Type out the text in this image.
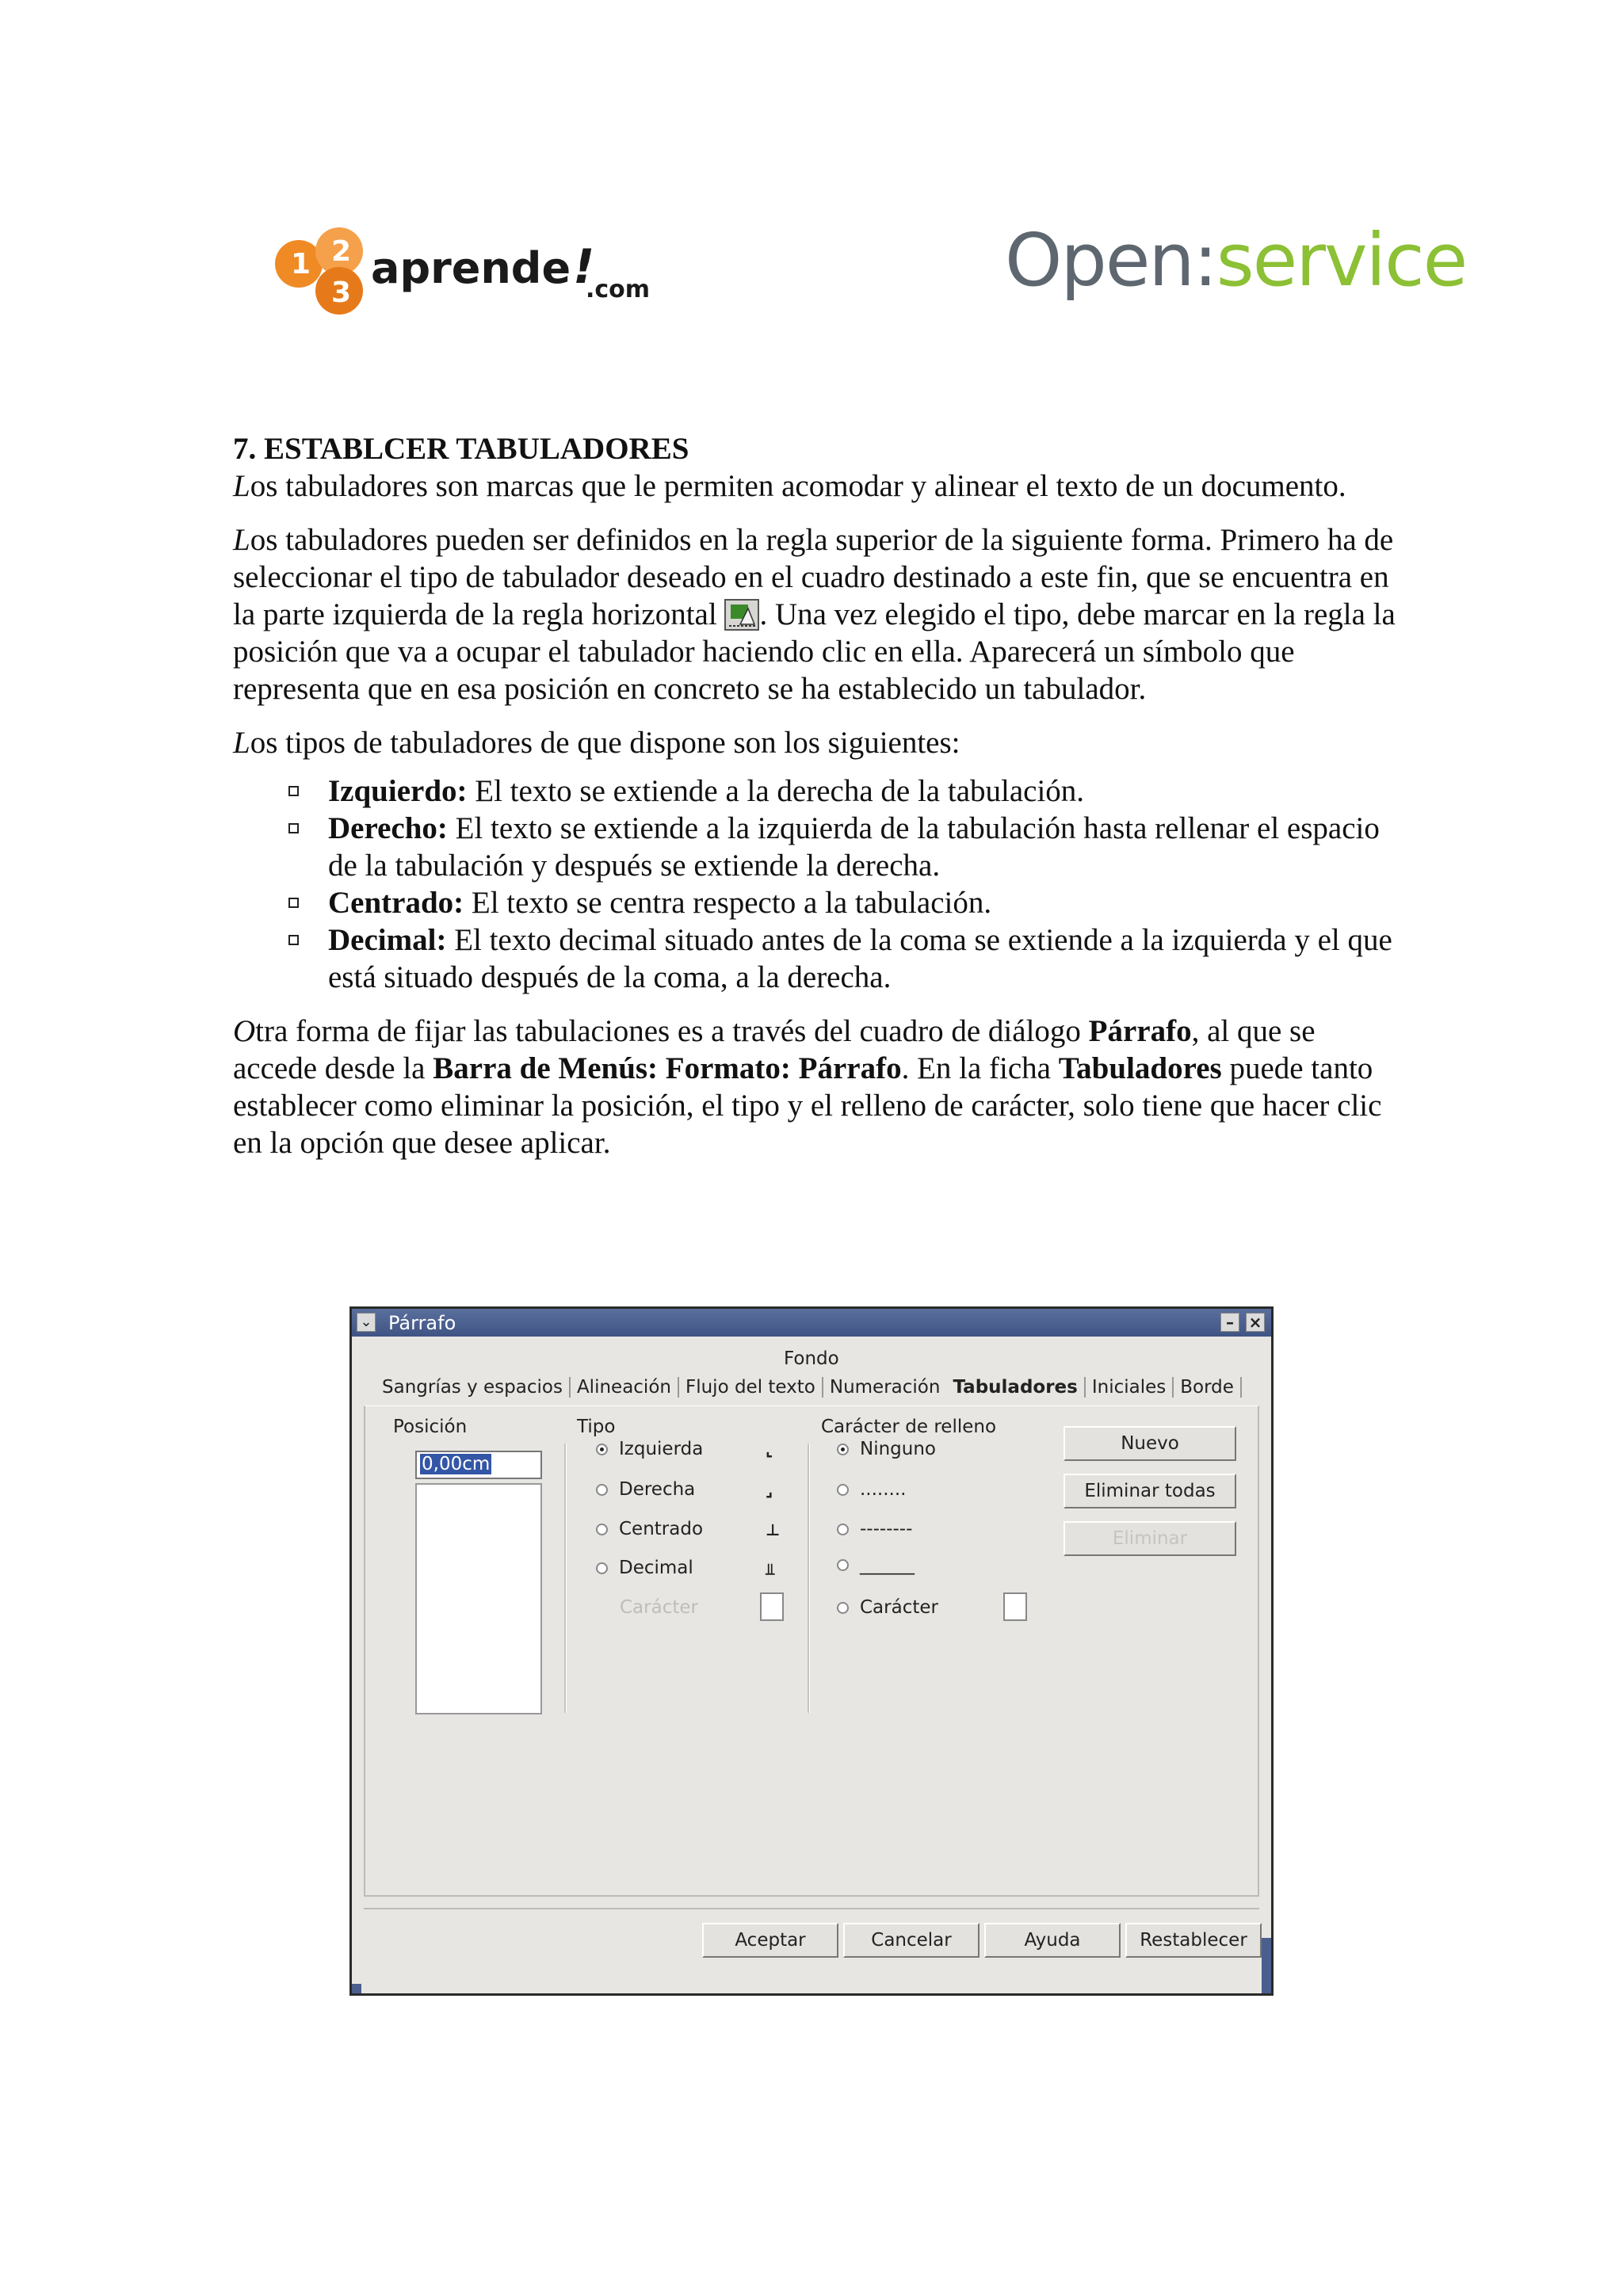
1 2
3 aprende !
.com	Open:service
7. ESTABLCER TABULADORES

Los tabuladores son marcas que le permiten acomodar y alinear el texto de un documento.

Los tabuladores pueden ser definidos en la regla superior de la siguiente forma. Primero ha de seleccionar el tipo de tabulador deseado en el cuadro destinado a este fin, que se encuentra en la parte izquierda de la regla horizontal . Una vez elegido el tipo, debe marcar en la regla la posición que va a ocupar el tabulador haciendo clic en ella. Aparecerá un símbolo que representa que en esa posición en concreto se ha establecido un tabulador.

Los tipos de tabuladores de que dispone son los siguientes:

Izquierdo: El texto se extiende a la derecha de la tabulación.
Derecho: El texto se extiende a la izquierda de la tabulación hasta rellenar el espacio de la tabulación y después se extiende la derecha.
Centrado: El texto se centra respecto a la tabulación.
Decimal: El texto decimal situado antes de la coma se extiende a la izquierda y el que está situado después de la coma, a la derecha.

Otra forma de fijar las tabulaciones es a través del cuadro de diálogo Párrafo, al que se accede desde la Barra de Menús: Formato: Párrafo. En la ficha Tabuladores puede tanto establecer como eliminar la posición, el tipo y el relleno de carácter, solo tiene que hacer clic en la opción que desee aplicar.

⌄ Párrafo	– ×
Fondo
Sangrías y espacios Alineación Flujo del texto Numeración Tabuladores Iniciales Borde
Posición
0,00cm
Tipo
Izquierda	⌞
Derecha	⌟
Centrado	⊥
Decimal	⫫
Carácter
Carácter de relleno
Ninguno
........
--------
______
Carácter
Nuevo
Eliminar todas
Eliminar
Aceptar	Cancelar	Ayuda	Restablecer
